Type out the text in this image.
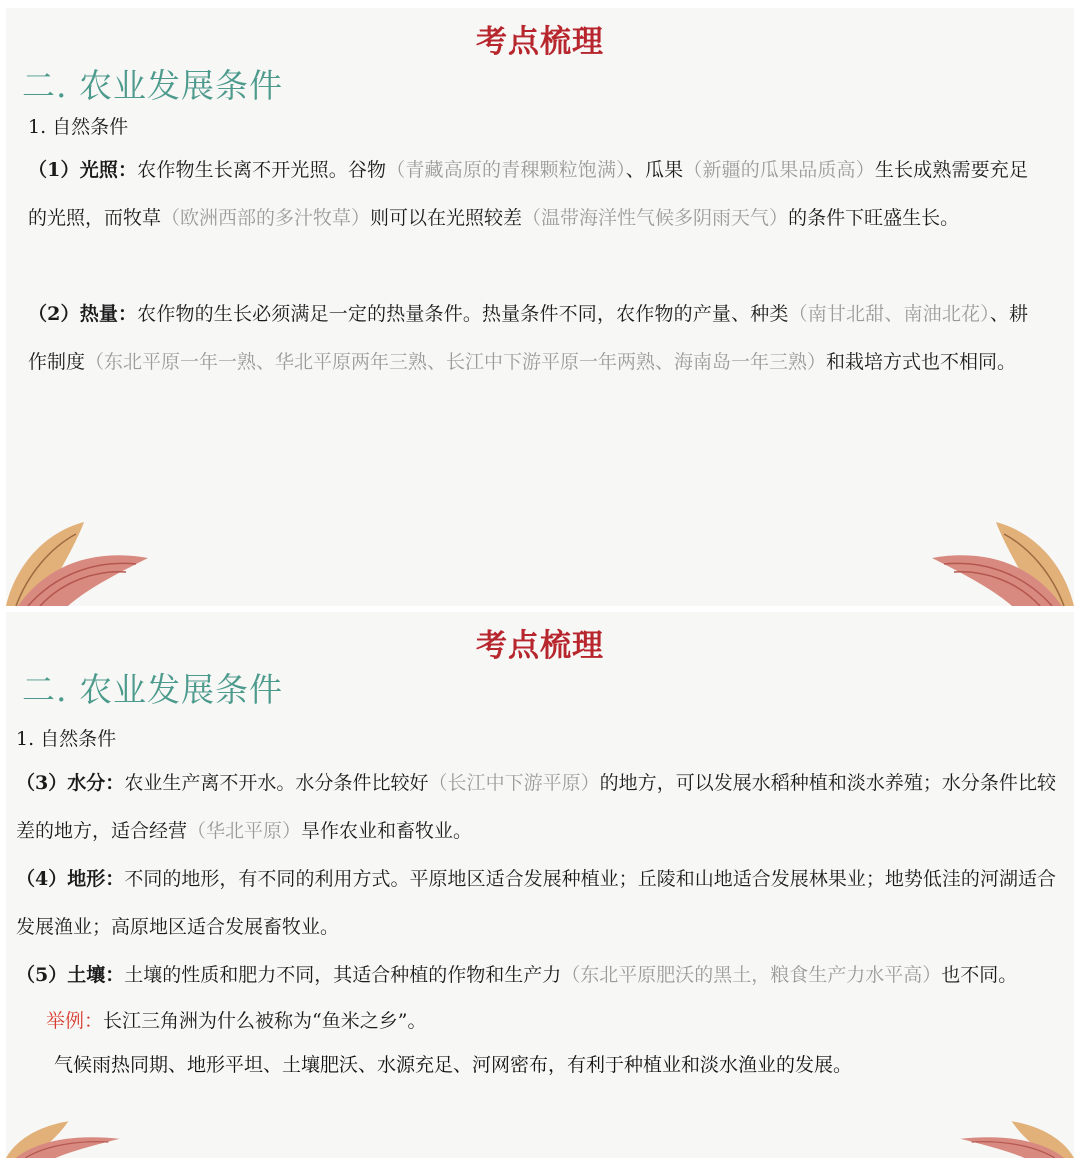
考点梳理
二. 农业发展条件
1. 自然条件
（1）光照：农作物生长离不开光照。谷物（青藏高原的青稞颗粒饱满）、瓜果（新疆的瓜果品质高）生长成熟需要充足的光照，而牧草（欧洲西部的多汁牧草）则可以在光照较差（温带海洋性气候多阴雨天气）的条件下旺盛生长。
（2）热量：农作物的生长必须满足一定的热量条件。热量条件不同，农作物的产量、种类（南甘北甜、南油北花）、耕作制度（东北平原一年一熟、华北平原两年三熟、长江中下游平原一年两熟、海南岛一年三熟）和栽培方式也不相同。
考点梳理
二. 农业发展条件
1. 自然条件
（3）水分：农业生产离不开水。水分条件比较好（长江中下游平原）的地方，可以发展水稻种植和淡水养殖；水分条件比较差的地方，适合经营（华北平原）旱作农业和畜牧业。
（4）地形：不同的地形，有不同的利用方式。平原地区适合发展种植业；丘陵和山地适合发展林果业；地势低洼的河湖适合发展渔业；高原地区适合发展畜牧业。
（5）土壤：土壤的性质和肥力不同，其适合种植的作物和生产力（东北平原肥沃的黑土，粮食生产力水平高）也不同。
举例：长江三角洲为什么被称为“鱼米之乡”。
气候雨热同期、地形平坦、土壤肥沃、水源充足、河网密布，有利于种植业和淡水渔业的发展。
